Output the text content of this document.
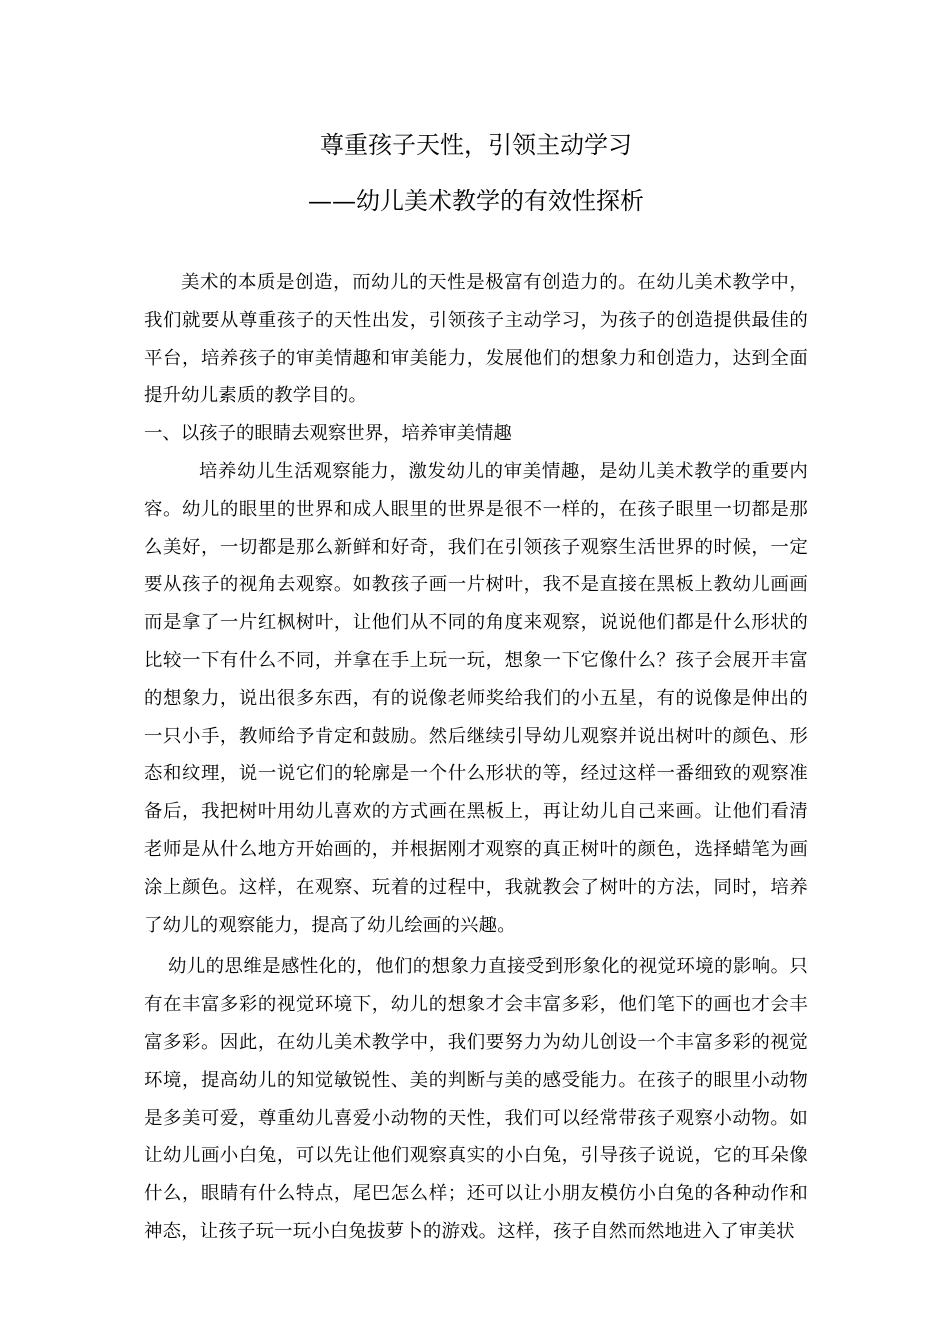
尊重孩子天性，引领主动学习
——幼儿美术教学的有效性探析

美术的本质是创造，而幼儿的天性是极富有创造力的。在幼儿美术教学中，我们就要从尊重孩子的天性出发，引领孩子主动学习，为孩子的创造提供最佳的平台，培养孩子的审美情趣和审美能力，发展他们的想象力和创造力，达到全面提升幼儿素质的教学目的。

一、以孩子的眼睛去观察世界，培养审美情趣

培养幼儿生活观察能力，激发幼儿的审美情趣，是幼儿美术教学的重要内容。幼儿的眼里的世界和成人眼里的世界是很不一样的，在孩子眼里一切都是那么美好，一切都是那么新鲜和好奇，我们在引领孩子观察生活世界的时候，一定要从孩子的视角去观察。如教孩子画一片树叶，我不是直接在黑板上教幼儿画画而是拿了一片红枫树叶，让他们从不同的角度来观察，说说他们都是什么形状的比较一下有什么不同，并拿在手上玩一玩，想象一下它像什么？孩子会展开丰富的想象力，说出很多东西，有的说像老师奖给我们的小五星，有的说像是伸出的一只小手，教师给予肯定和鼓励。然后继续引导幼儿观察并说出树叶的颜色、形态和纹理，说一说它们的轮廓是一个什么形状的等，经过这样一番细致的观察准备后，我把树叶用幼儿喜欢的方式画在黑板上，再让幼儿自己来画。让他们看清老师是从什么地方开始画的，并根据刚才观察的真正树叶的颜色，选择蜡笔为画涂上颜色。这样，在观察、玩着的过程中，我就教会了树叶的方法，同时，培养了幼儿的观察能力，提高了幼儿绘画的兴趣。

幼儿的思维是感性化的，他们的想象力直接受到形象化的视觉环境的影响。只有在丰富多彩的视觉环境下，幼儿的想象才会丰富多彩，他们笔下的画也才会丰富多彩。因此，在幼儿美术教学中，我们要努力为幼儿创设一个丰富多彩的视觉环境，提高幼儿的知觉敏锐性、美的判断与美的感受能力。在孩子的眼里小动物是多美可爱，尊重幼儿喜爱小动物的天性，我们可以经常带孩子观察小动物。如让幼儿画小白兔，可以先让他们观察真实的小白兔，引导孩子说说，它的耳朵像什么，眼睛有什么特点，尾巴怎么样；还可以让小朋友模仿小白兔的各种动作和神态，让孩子玩一玩小白兔拔萝卜的游戏。这样，孩子自然而然地进入了审美状
